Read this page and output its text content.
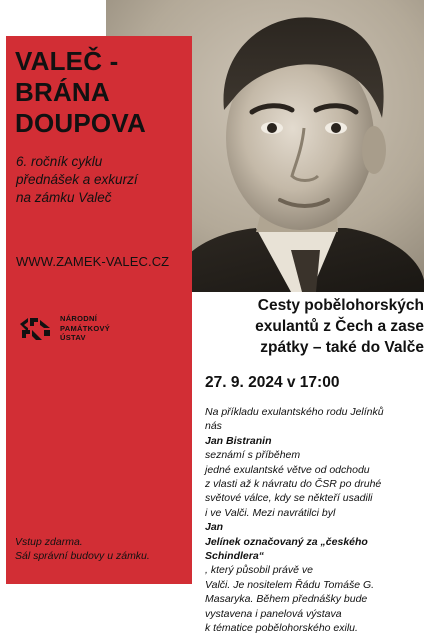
VALEČ -
BRÁNA
DOUPOVA

6. ročník cyklu
přednášek a exkurzí
na zámku Valeč

WWW.ZAMEK-VALEC.CZ

NÁRODNÍ
PAMÁTKOVÝ
ÚSTAV

Vstup zdarma.
Sál správní budovy u zámku.

Cesty pobělohorských
exulantů z Čech a zase
zpátky – také do Valče

27. 9. 2024 v 17:00

Na příkladu exulantského rodu Jelínků
nás
Jan Bistranin
seznámí s příběhem
jedné exulantské větve od odchodu
z vlasti až k návratu do ČSR po druhé
světové válce, kdy se někteří usadili
i ve Valči. Mezi navrátilci byl
Jan
Jelínek označovaný za „českého
Schindlera“
, který působil právě ve
Valči. Je nositelem Řádu Tomáše G.
Masaryka. Během přednášky bude
vystavena i panelová výstava
k tématice pobělohorského exilu.
